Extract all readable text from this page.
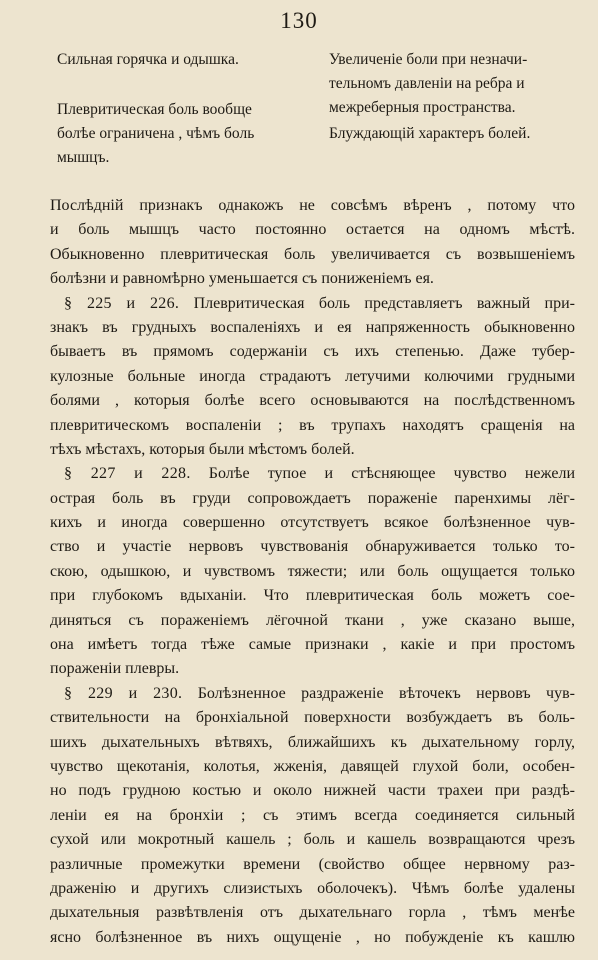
130
Сильная горячка и одышка.
Плевритическая боль вообще
болѣе ограничена , чѣмъ боль
мышцъ.
Увеличеніе боли при незначи-
тельномъ давленіи на ребра и
межреберныя пространства.
Блуждающій характеръ болей.
Послѣдній признакъ однакожъ не совсѣмъ вѣренъ , потому что
и боль мышцъ часто постоянно остается на одномъ мѣстѣ.
Обыкновенно плевритическая боль увеличивается съ возвышеніемъ
болѣзни и равномѣрно уменьшается съ пониженіемъ ея.
§ 225 и 226. Плевритическая боль представляетъ важный при-
знакъ въ грудныхъ воспаленіяхъ и ея напряженность обыкновенно
бываетъ въ прямомъ содержаніи съ ихъ степенью. Даже тубер-
кулозные больные иногда страдаютъ летучими колючими грудными
болями , которыя болѣе всего основываются на послѣдственномъ
плевритическомъ воспаленіи ; въ трупахъ находятъ сращенія на
тѣхъ мѣстахъ, которыя были мѣстомъ болей.
§ 227 и 228. Болѣе тупое и стѣсняющее чувство нежели
острая боль въ груди сопровождаетъ пораженіе паренхимы лёг-
кихъ и иногда совершенно отсутствуетъ всякое болѣзненное чув-
ство и участіе нервовъ чувствованія обнаруживается только то-
скою, одышкою, и чувствомъ тяжести; или боль ощущается только
при глубокомъ вдыханіи. Что плевритическая боль можетъ сое-
диняться съ пораженіемъ лёгочной ткани , уже сказано выше,
она имѣетъ тогда тѣже самые признаки , какіе и при простомъ
пораженіи плевры.
§ 229 и 230. Болѣзненное раздраженіе вѣточекъ нервовъ чув-
ствительности на бронхіальной поверхности возбуждаетъ въ боль-
шихъ дыхательныхъ вѣтвяхъ, ближайшихъ къ дыхательному горлу,
чувство щекотанія, колотья, жженія, давящей глухой боли, особен-
но подъ грудною костью и около нижней части трахеи при раздѣ-
леніи ея на бронхіи ; съ этимъ всегда соединяется сильный
сухой или мокротный кашель ; боль и кашель возвращаются чрезъ
различные промежутки времени (свойство общее нервному раз-
драженію и другихъ слизистыхъ оболочекъ). Чѣмъ болѣе удалены
дыхательныя развѣтвленія отъ дыхательнаго горла , тѣмъ менѣе
ясно болѣзненное въ нихъ ощущеніе , но побужденіе къ кашлю
